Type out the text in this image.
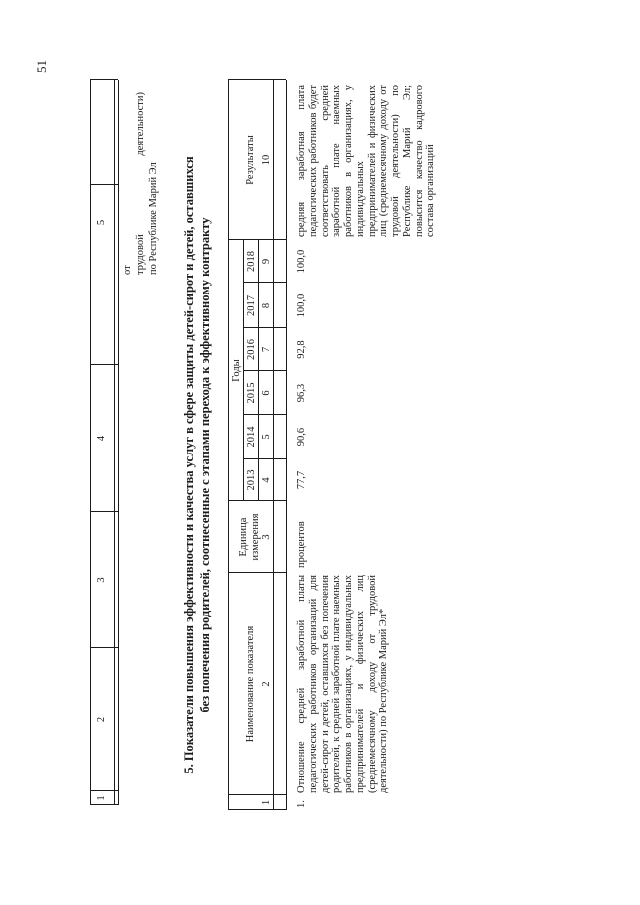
51
1
2
3
4
5
от трудовой деятельности) по Республике Марий Эл 5. Показатели повышения эффективности и качества услуг в сфере защиты детей-сирот и детей, оставшихся без попечения родителей, соотнесенные с этапами перехода к эффективному контракту	Наименование показателя
Единица измерения
Годы
Результаты
2013
2014
2015
2016
2017
2018
1
2
3
4
5
6
7
8
9
10
1.
Отношение средней заработной платы педагогических работников организаций для детей-сирот и детей, оставшихся без попечения родителей, к средней заработной плате наемных работников в организациях, у индивидуальных предпринимателей и физических лиц (среднемесячному доходу от трудовой деятельности) по Республике Марий Эл*
процентов
77,7
90,6
96,3
92,8
100,0
100,0
средняя заработная плата педагогических работников будет соответствовать средней заработной плате наемных работников в организациях, у индивидуальных предпринимателей и физических лиц (среднемесячному доходу от трудовой деятельности) по Республике Марий Эл; повысится качество кадрового состава организаций
